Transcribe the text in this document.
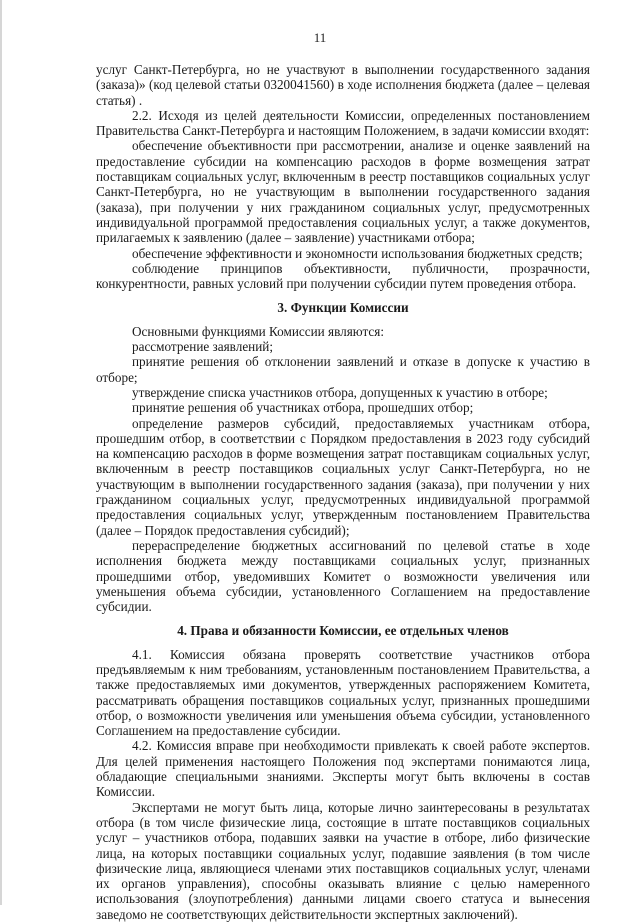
11

услуг Санкт-Петербурга, но не участвуют в выполнении государственного задания (заказа)» (код целевой статьи 0320041560) в ходе исполнения бюджета (далее – целевая статья) .

2.2. Исходя из целей деятельности Комиссии, определенных постановлением Правительства Санкт-Петербурга и настоящим Положением, в задачи комиссии входят:

обеспечение объективности при рассмотрении, анализе и оценке заявлений на предоставление субсидии на компенсацию расходов в форме возмещения затрат поставщикам социальных услуг, включенным в реестр поставщиков социальных услуг Санкт-Петербурга, но не участвующим в выполнении государственного задания (заказа), при получении у них гражданином социальных услуг, предусмотренных индивидуальной программой предоставления социальных услуг, а также документов, прилагаемых к заявлению (далее – заявление) участниками отбора;

обеспечение эффективности и экономности использования бюджетных средств;

соблюдение принципов объективности, публичности, прозрачности, конкурентности, равных условий при получении субсидии путем проведения отбора.

3. Функции Комиссии

Основными функциями Комиссии являются:

рассмотрение заявлений;

принятие решения об отклонении заявлений и отказе в допуске к участию в отборе;

утверждение списка участников отбора, допущенных к участию в отборе;

принятие решения об участниках отбора, прошедших отбор;

определение размеров субсидий, предоставляемых участникам отбора, прошедшим отбор, в соответствии с Порядком предоставления в 2023 году субсидий на компенсацию расходов в форме возмещения затрат поставщикам социальных услуг, включенным в реестр поставщиков социальных услуг Санкт-Петербурга, но не участвующим в выполнении государственного задания (заказа), при получении у них гражданином социальных услуг, предусмотренных индивидуальной программой предоставления социальных услуг, утвержденным постановлением Правительства (далее – Порядок предоставления субсидий);

перераспределение бюджетных ассигнований по целевой статье в ходе исполнения бюджета между поставщиками социальных услуг, признанных прошедшими отбор, уведомивших Комитет о возможности увеличения или уменьшения объема субсидии, установленного Соглашением на предоставление субсидии.

4. Права и обязанности Комиссии, ее отдельных членов

4.1. Комиссия обязана проверять соответствие участников отбора предъявляемым к ним требованиям, установленным постановлением Правительства, а также предоставляемых ими документов, утвержденных распоряжением Комитета, рассматривать обращения поставщиков социальных услуг, признанных прошедшими отбор, о возможности увеличения или уменьшения объема субсидии, установленного Соглашением на предоставление субсидии.

4.2. Комиссия вправе при необходимости привлекать к своей работе экспертов. Для целей применения настоящего Положения под экспертами понимаются лица, обладающие специальными знаниями. Эксперты могут быть включены в состав Комиссии.

Экспертами не могут быть лица, которые лично заинтересованы в результатах отбора (в том числе физические лица, состоящие в штате поставщиков социальных услуг – участников отбора, подавших заявки на участие в отборе, либо физические лица, на которых поставщики социальных услуг, подавшие заявления (в том числе физические лица, являющиеся членами этих поставщиков социальных услуг, членами их органов управления), способны оказывать влияние с целью намеренного использования (злоупотребления) данными лицами своего статуса и вынесения заведомо не соответствующих действительности экспертных заключений).
